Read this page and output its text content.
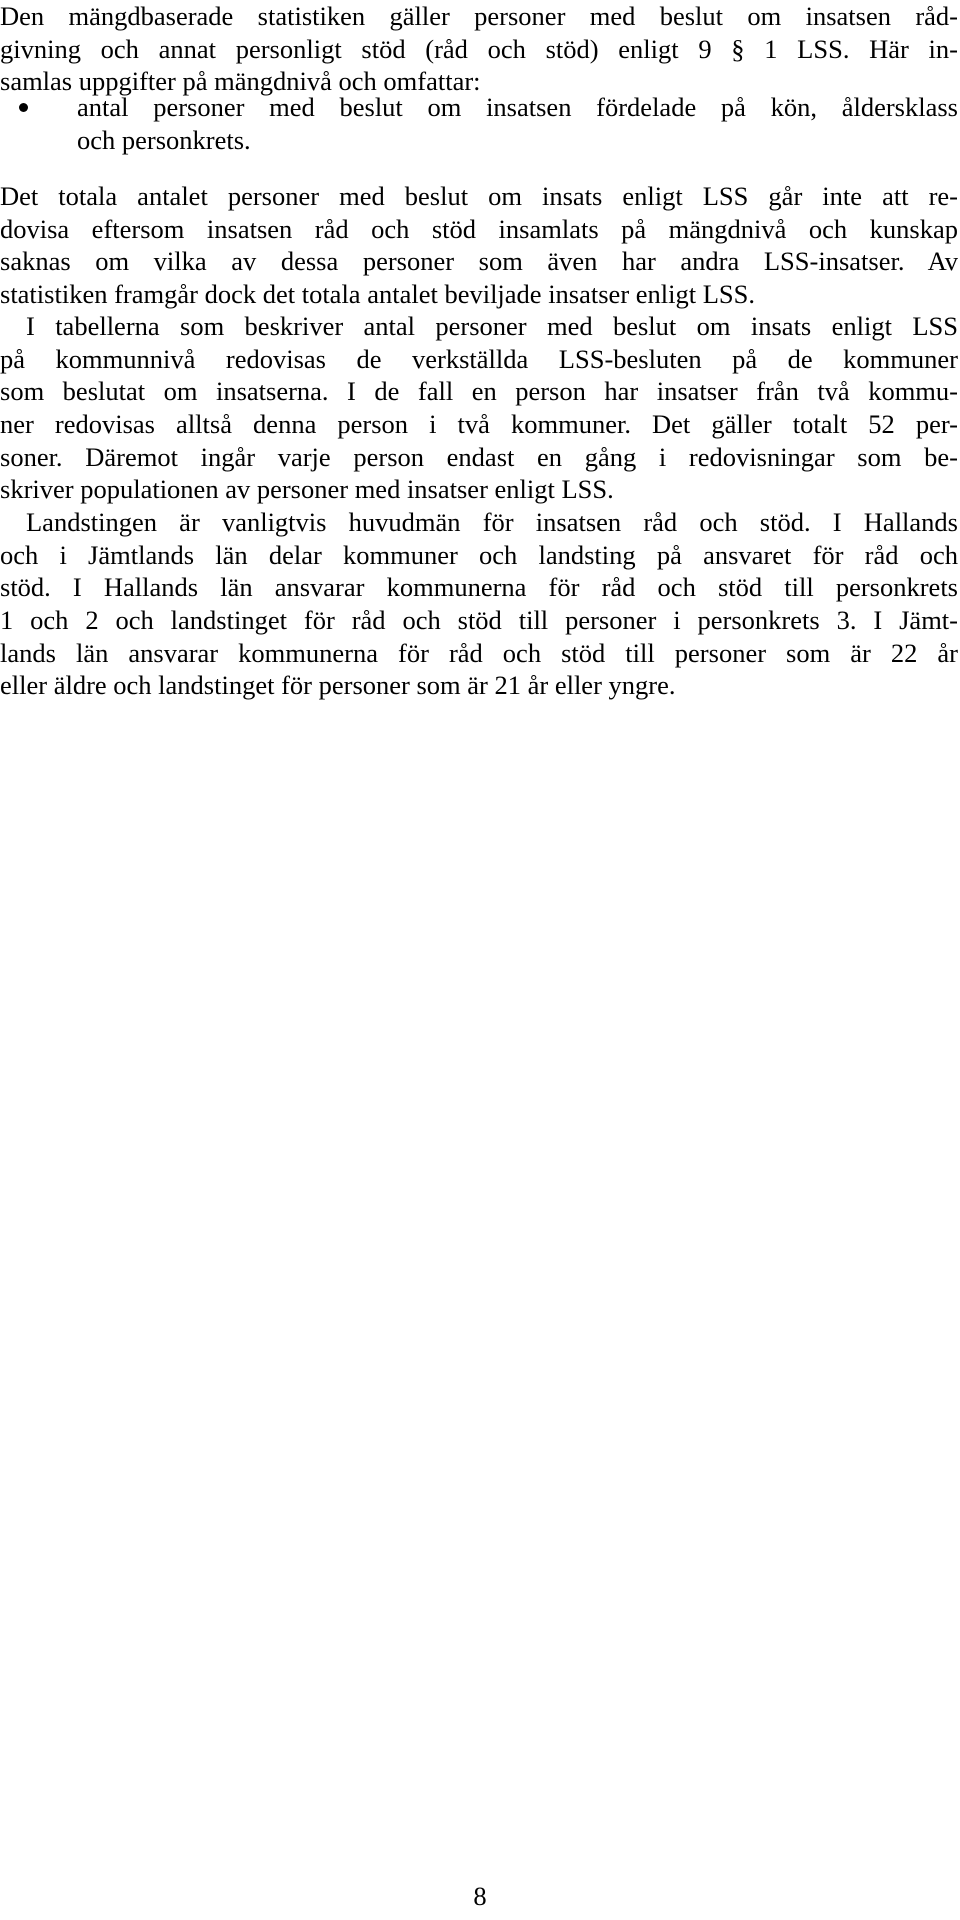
Den mängdbaserade statistiken gäller personer med beslut om insatsen råd-
givning och annat personligt stöd (råd och stöd) enligt 9 § 1 LSS. Här in-
samlas uppgifter på mängdnivå och omfattar:
antal personer med beslut om insatsen fördelade på kön, åldersklass
och personkrets.
Det totala antalet personer med beslut om insats enligt LSS går inte att re-
dovisa eftersom insatsen råd och stöd insamlats på mängdnivå och kunskap
saknas om vilka av dessa personer som även har andra LSS-insatser. Av
statistiken framgår dock det totala antalet beviljade insatser enligt LSS.
I tabellerna som beskriver antal personer med beslut om insats enligt LSS
på kommunnivå redovisas de verkställda LSS-besluten på de kommuner
som beslutat om insatserna. I de fall en person har insatser från två kommu-
ner redovisas alltså denna person i två kommuner. Det gäller totalt 52 per-
soner. Däremot ingår varje person endast en gång i redovisningar som be-
skriver populationen av personer med insatser enligt LSS.
Landstingen är vanligtvis huvudmän för insatsen råd och stöd. I Hallands
och i Jämtlands län delar kommuner och landsting på ansvaret för råd och
stöd. I Hallands län ansvarar kommunerna för råd och stöd till personkrets
1 och 2 och landstinget för råd och stöd till personer i personkrets 3. I Jämt-
lands län ansvarar kommunerna för råd och stöd till personer som är 22 år
eller äldre och landstinget för personer som är 21 år eller yngre.
8
